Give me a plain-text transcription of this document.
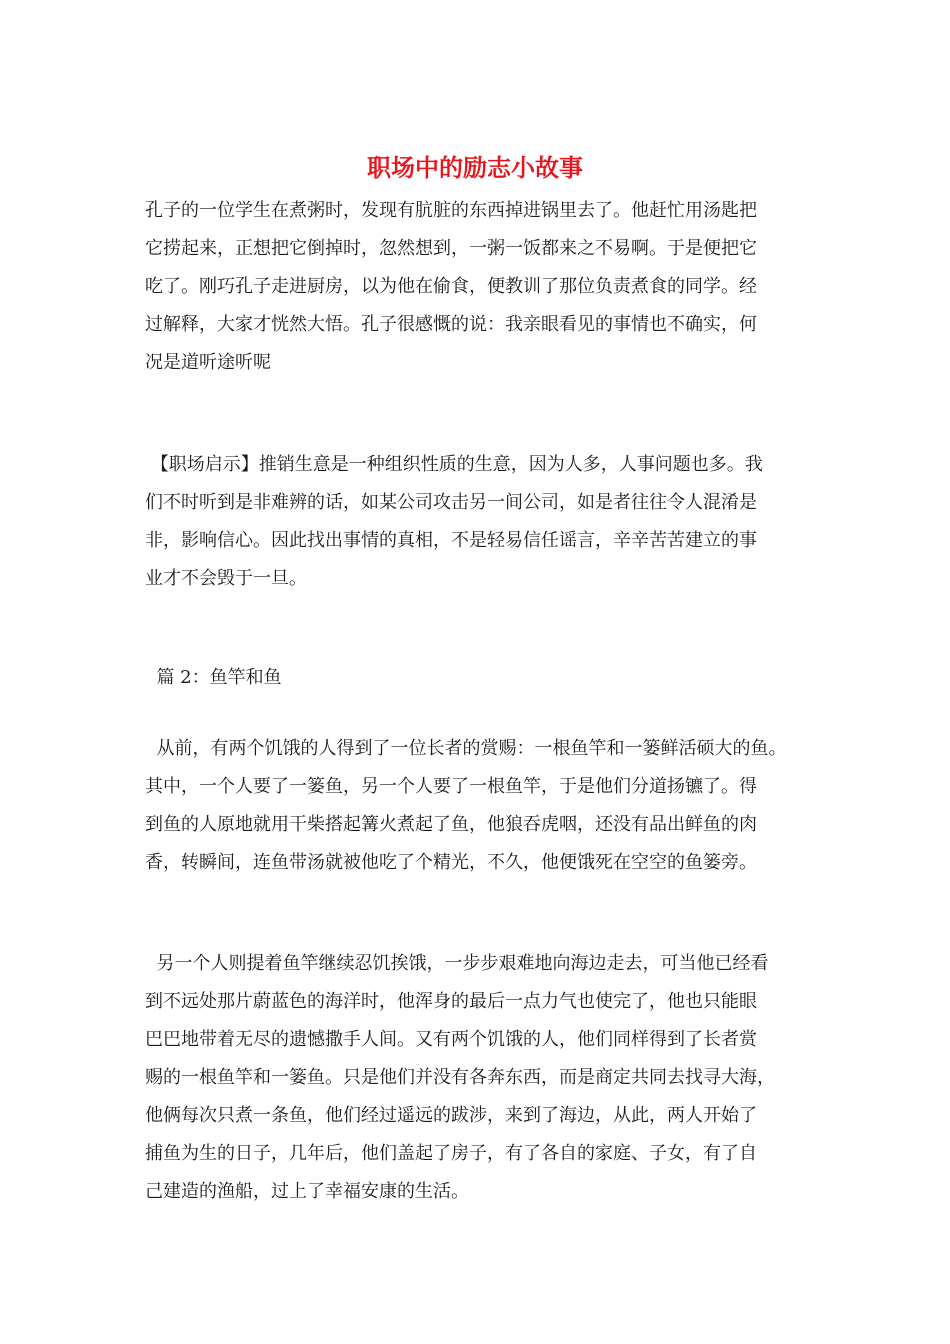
职场中的励志小故事
孔子的一位学生在煮粥时，发现有肮脏的东西掉进锅里去了。他赶忙用汤匙把
它捞起来，正想把它倒掉时，忽然想到，一粥一饭都来之不易啊。于是便把它
吃了。刚巧孔子走进厨房，以为他在偷食，便教训了那位负责煮食的同学。经
过解释，大家才恍然大悟。孔子很感慨的说：我亲眼看见的事情也不确实，何
况是道听途听呢
【职场启示】推销生意是一种组织性质的生意，因为人多，人事问题也多。我
们不时听到是非难辨的话，如某公司攻击另一间公司，如是者往往令人混淆是
非，影响信心。因此找出事情的真相，不是轻易信任谣言，辛辛苦苦建立的事
业才不会毁于一旦。
篇 2：鱼竿和鱼
从前，有两个饥饿的人得到了一位长者的赏赐：一根鱼竿和一篓鲜活硕大的鱼。
其中，一个人要了一篓鱼，另一个人要了一根鱼竿，于是他们分道扬镳了。得
到鱼的人原地就用干柴搭起篝火煮起了鱼，他狼吞虎咽，还没有品出鲜鱼的肉
香，转瞬间，连鱼带汤就被他吃了个精光，不久，他便饿死在空空的鱼篓旁。
另一个人则提着鱼竿继续忍饥挨饿，一步步艰难地向海边走去，可当他已经看
到不远处那片蔚蓝色的海洋时，他浑身的最后一点力气也使完了，他也只能眼
巴巴地带着无尽的遗憾撒手人间。又有两个饥饿的人，他们同样得到了长者赏
赐的一根鱼竿和一篓鱼。只是他们并没有各奔东西，而是商定共同去找寻大海，
他俩每次只煮一条鱼，他们经过遥远的跋涉，来到了海边，从此，两人开始了
捕鱼为生的日子，几年后，他们盖起了房子，有了各自的家庭、子女，有了自
己建造的渔船，过上了幸福安康的生活。
